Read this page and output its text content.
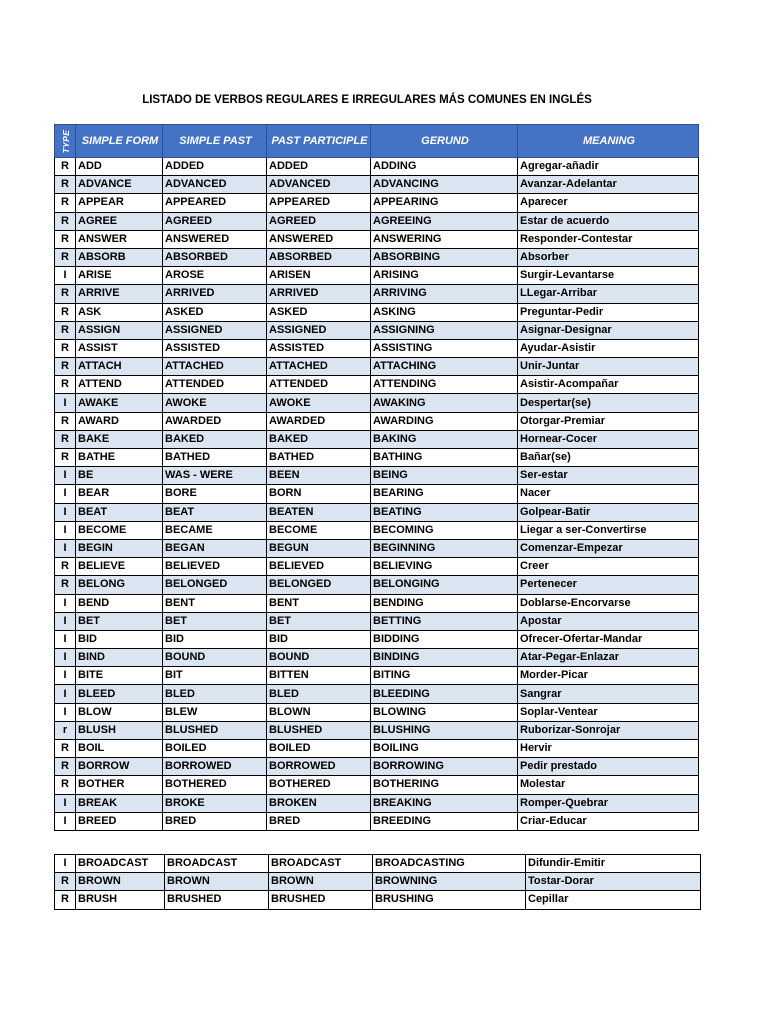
LISTADO DE VERBOS REGULARES E IRREGULARES MÁS COMUNES EN INGLÉS
TYPE	SIMPLE FORM	SIMPLE PAST	PAST PARTICIPLE	GERUND	MEANING
R	ADD	ADDED	ADDED	ADDING	Agregar-añadir
R	ADVANCE	ADVANCED	ADVANCED	ADVANCING	Avanzar-Adelantar
R	APPEAR	APPEARED	APPEARED	APPEARING	Aparecer
R	AGREE	AGREED	AGREED	AGREEING	Estar de acuerdo
R	ANSWER	ANSWERED	ANSWERED	ANSWERING	Responder-Contestar
R	ABSORB	ABSORBED	ABSORBED	ABSORBING	Absorber
I	ARISE	AROSE	ARISEN	ARISING	Surgir-Levantarse
R	ARRIVE	ARRIVED	ARRIVED	ARRIVING	LLegar-Arribar
R	ASK	ASKED	ASKED	ASKING	Preguntar-Pedir
R	ASSIGN	ASSIGNED	ASSIGNED	ASSIGNING	Asignar-Designar
R	ASSIST	ASSISTED	ASSISTED	ASSISTING	Ayudar-Asistir
R	ATTACH	ATTACHED	ATTACHED	ATTACHING	Unir-Juntar
R	ATTEND	ATTENDED	ATTENDED	ATTENDING	Asistir-Acompañar
I	AWAKE	AWOKE	AWOKE	AWAKING	Despertar(se)
R	AWARD	AWARDED	AWARDED	AWARDING	Otorgar-Premiar
R	BAKE	BAKED	BAKED	BAKING	Hornear-Cocer
R	BATHE	BATHED	BATHED	BATHING	Bañar(se)
I	BE	WAS - WERE	BEEN	BEING	Ser-estar
I	BEAR	BORE	BORN	BEARING	Nacer
I	BEAT	BEAT	BEATEN	BEATING	Golpear-Batir
I	BECOME	BECAME	BECOME	BECOMING	Liegar a ser-Convertirse
I	BEGIN	BEGAN	BEGUN	BEGINNING	Comenzar-Empezar
R	BELIEVE	BELIEVED	BELIEVED	BELIEVING	Creer
R	BELONG	BELONGED	BELONGED	BELONGING	Pertenecer
I	BEND	BENT	BENT	BENDING	Doblarse-Encorvarse
I	BET	BET	BET	BETTING	Apostar
I	BID	BID	BID	BIDDING	Ofrecer-Ofertar-Mandar
I	BIND	BOUND	BOUND	BINDING	Atar-Pegar-Enlazar
I	BITE	BIT	BITTEN	BITING	Morder-Picar
I	BLEED	BLED	BLED	BLEEDING	Sangrar
I	BLOW	BLEW	BLOWN	BLOWING	Soplar-Ventear
r	BLUSH	BLUSHED	BLUSHED	BLUSHING	Ruborizar-Sonrojar
R	BOIL	BOILED	BOILED	BOILING	Hervir
R	BORROW	BORROWED	BORROWED	BORROWING	Pedir prestado
R	BOTHER	BOTHERED	BOTHERED	BOTHERING	Molestar
I	BREAK	BROKE	BROKEN	BREAKING	Romper-Quebrar
I	BREED	BRED	BRED	BREEDING	Criar-Educar
I	BROADCAST	BROADCAST	BROADCAST	BROADCASTING	Difundir-Emitir
R	BROWN	BROWN	BROWN	BROWNING	Tostar-Dorar
R	BRUSH	BRUSHED	BRUSHED	BRUSHING	Cepillar
